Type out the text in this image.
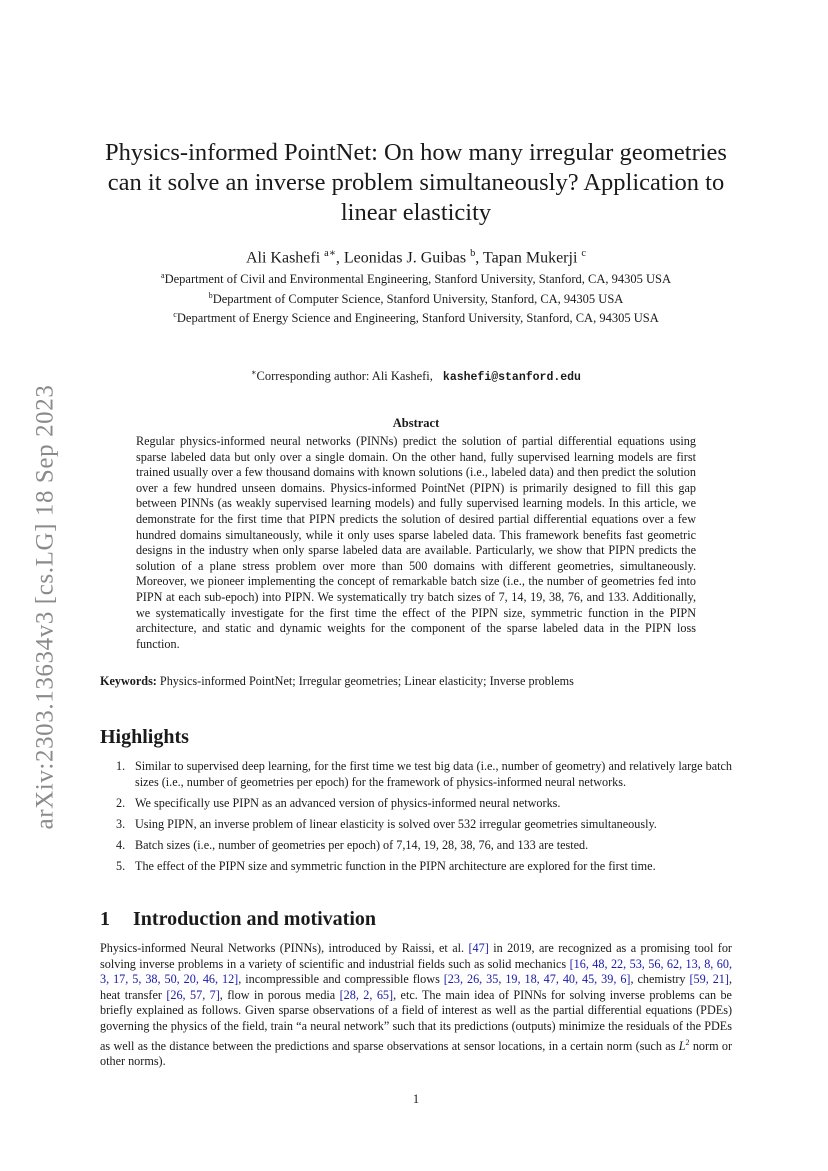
arXiv:2303.13634v3 [cs.LG] 18 Sep 2023
Physics-informed PointNet: On how many irregular geometries can it solve an inverse problem simultaneously? Application to linear elasticity
Ali Kashefi $^{a∗}$, Leonidas J. Guibas $^b$, Tapan Mukerji $^c$
$^a$Department of Civil and Environmental Engineering, Stanford University, Stanford, CA, 94305 USA
$^b$Department of Computer Science, Stanford University, Stanford, CA, 94305 USA
$^c$Department of Energy Science and Engineering, Stanford University, Stanford, CA, 94305 USA
∗Corresponding author: Ali Kashefi, kashefi@stanford.edu
Abstract

Regular physics-informed neural networks (PINNs) predict the solution of partial differential equations using sparse labeled data but only over a single domain. On the other hand, fully supervised learning models are first trained usually over a few thousand domains with known solutions (i.e., labeled data) and then predict the solution over a few hundred unseen domains. Physics-informed PointNet (PIPN) is primarily designed to fill this gap between PINNs (as weakly supervised learning models) and fully supervised learning models. In this article, we demonstrate for the first time that PIPN predicts the solution of desired partial differential equations over a few hundred domains simultaneously, while it only uses sparse labeled data. This framework benefits fast geometric designs in the industry when only sparse labeled data are available. Particularly, we show that PIPN predicts the solution of a plane stress problem over more than 500 domains with different geometries, simultaneously. Moreover, we pioneer implementing the concept of remarkable batch size (i.e., the number of geometries fed into PIPN at each sub-epoch) into PIPN. We systematically try batch sizes of 7, 14, 19, 38, 76, and 133. Additionally, we systematically investigate for the first time the effect of the PIPN size, symmetric function in the PIPN architecture, and static and dynamic weights for the component of the sparse labeled data in the PIPN loss function.

Keywords: Physics-informed PointNet; Irregular geometries; Linear elasticity; Inverse problems

Highlights
1. Similar to supervised deep learning, for the first time we test big data (i.e., number of geometry) and relatively large batch sizes (i.e., number of geometries per epoch) for the framework of physics-informed neural networks.
2. We specifically use PIPN as an advanced version of physics-informed neural networks.
3. Using PIPN, an inverse problem of linear elasticity is solved over 532 irregular geometries simultaneously.
4. Batch sizes (i.e., number of geometries per epoch) of 7,14, 19, 28, 38, 76, and 133 are tested.
5. The effect of the PIPN size and symmetric function in the PIPN architecture are explored for the first time.
1 Introduction and motivation

Physics-informed Neural Networks (PINNs), introduced by Raissi, et al. [47] in 2019, are recognized as a promising tool for solving inverse problems in a variety of scientific and industrial fields such as solid mechanics [16, 48, 22, 53, 56, 62, 13, 8, 60, 3, 17, 5, 38, 50, 20, 46, 12], incompressible and compressible flows [23, 26, 35, 19, 18, 47, 40, 45, 39, 6], chemistry [59, 21], heat transfer [26, 57, 7], flow in porous media [28, 2, 65], etc. The main idea of PINNs for solving inverse problems can be briefly explained as follows. Given sparse observations of a field of interest as well as the partial differential equations (PDEs) governing the physics of the field, train “a neural network” such that its predictions (outputs) minimize the residuals of the PDEs as well as the distance between the predictions and sparse observations at sensor locations, in a certain norm (such as $L^2$ norm or other norms).

1
